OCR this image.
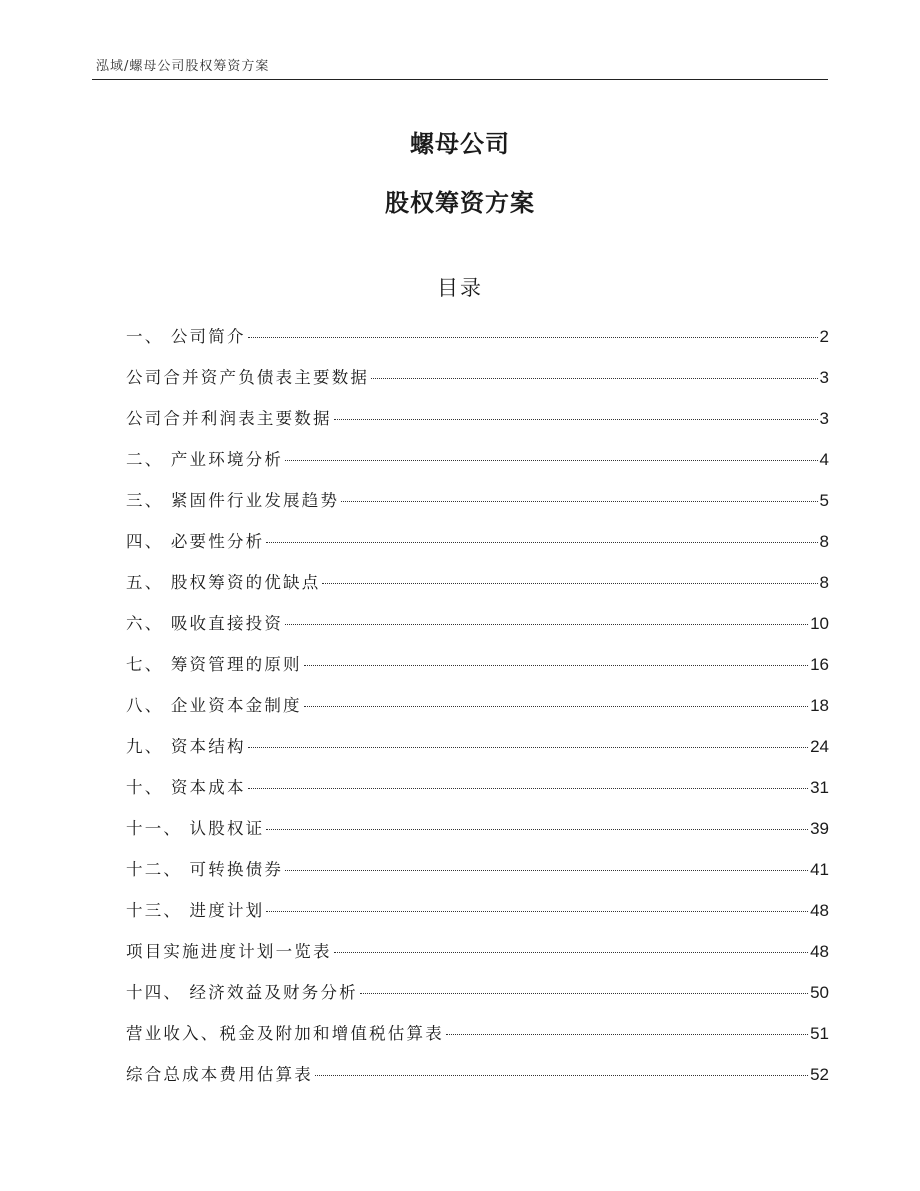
泓域/螺母公司股权筹资方案
螺母公司
股权筹资方案
目录
一、 公司简介	2
公司合并资产负债表主要数据	3
公司合并利润表主要数据	3
二、 产业环境分析	4
三、 紧固件行业发展趋势	5
四、 必要性分析	8
五、 股权筹资的优缺点	8
六、 吸收直接投资	10
七、 筹资管理的原则	16
八、 企业资本金制度	18
九、 资本结构	24
十、 资本成本	31
十一、 认股权证	39
十二、 可转换债券	41
十三、 进度计划	48
项目实施进度计划一览表	48
十四、 经济效益及财务分析	50
营业收入、税金及附加和增值税估算表	51
综合总成本费用估算表	52
